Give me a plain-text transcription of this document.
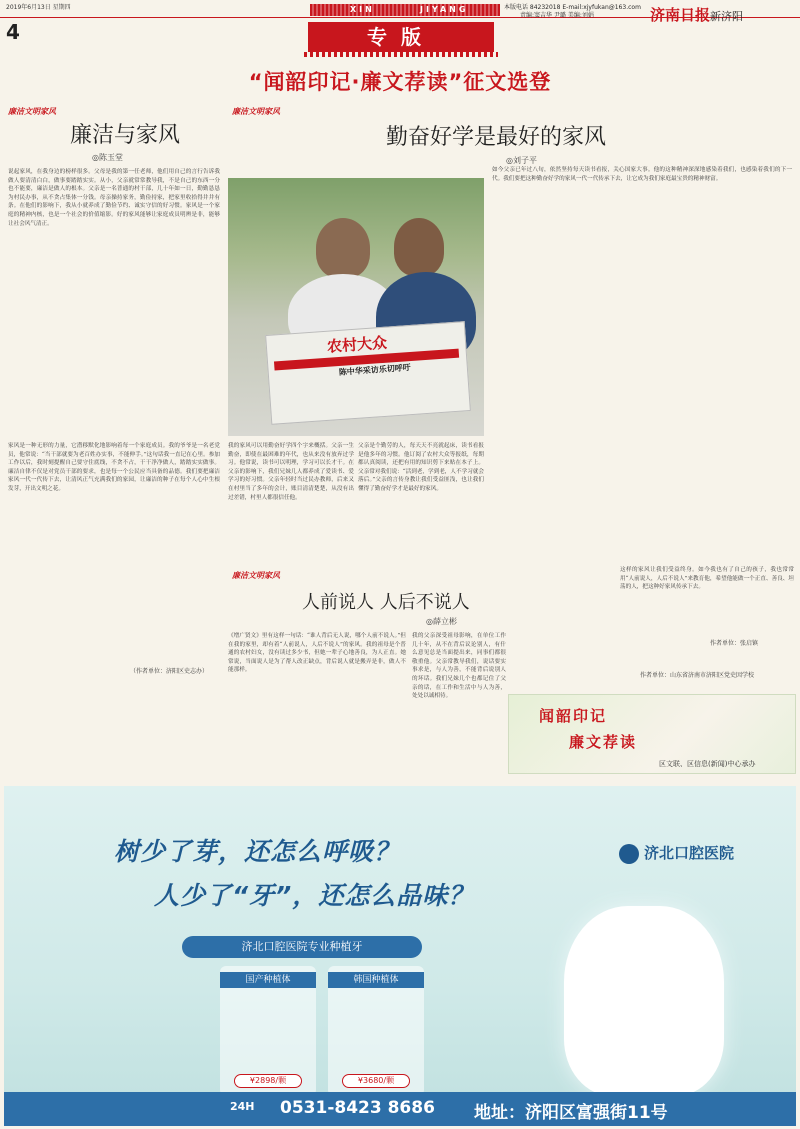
2019年6月13日 星期四	XIN	JIYANG	本版电话 84232018 E-mail:xjyfukan@163.com
责编:窦吉华 尹璐 美编:刘娟	济南日报新济阳
4	专版
“闻韶印记·廉文荐读”征文选登
廉洁文明家风
廉洁与家风
◎陈玉堂
说起家风，在我身边的榜样很多。父母是我的第一任老师，他们用自己的言行告诉我做人要清清白白，做事要踏踏实实。从小，父亲就常常教导我，不是自己的东西一分也不能要，廉洁是做人的根本。父亲是一名普通的村干部，几十年如一日，勤勤恳恳为村民办事，从不贪占集体一分钱。母亲操持家务，勤俭持家，把家里收拾得井井有条。在他们的影响下，我从小就养成了勤俭节约、诚实守信的好习惯。家风是一个家庭的精神内核，也是一个社会的价值缩影。好的家风能够让家庭成员明辨是非，能够让社会风气清正。
家风是一种无形的力量，它潜移默化地影响着每一个家庭成员。我的爷爷是一名老党员，他常说：“当干部就要为老百姓办实事，不能伸手。”这句话我一直记在心里。参加工作以后，我时刻提醒自己要守住底线，不贪不占，干干净净做人，踏踏实实做事。廉洁自律不仅是对党员干部的要求，也是每一个公民应当具备的品德。我们要把廉洁家风一代一代传下去，让清风正气充满我们的家园，让廉洁的种子在每个人心中生根发芽，开出文明之花。
（作者单位：济阳区史志办）
廉洁文明家风
勤奋好学是最好的家风
◎刘子平
农村大众
陈中华采访乐切呼吁
我的家风可以用勤奋好学四个字来概括。父亲一生勤奋，即使在最困难的年代，也从来没有放弃过学习。他常说，读书可以明理，学习可以长才干。在父亲的影响下，我们兄妹几人都养成了爱读书、爱学习的好习惯。父亲年轻时当过民办教师，后来又在村里当了多年的会计，账目清清楚楚，从没有出过差错，村里人都很信任他。
父亲是个勤劳的人，每天天不亮就起床，读书看报是他多年的习惯。他订阅了农村大众等报纸，每期都认真阅读，还把有用的知识剪下来贴在本子上。父亲常对我们说：“活到老，学到老，人不学习就会落后。”父亲的言传身教让我们受益匪浅，也让我们懂得了勤奋好学才是最好的家风。
如今父亲已年过八旬，依然坚持每天读书看报，关心国家大事。他的这种精神深深地感染着我们，也感染着我们的下一代。我们要把这种勤奋好学的家风一代一代传承下去，让它成为我们家庭最宝贵的精神财富。
作者单位：张启镇
廉洁文明家风
人前说人 人后不说人
◎薛立彬
《增广贤文》里有这样一句话：“谁人背后无人说，哪个人前不说人。”但在我的家里，却有着“人前说人，人后不说人”的家风。我的祖母是个普通的农村妇女，没有读过多少书，但她一辈子心地善良，为人正直。她常说，当面说人是为了帮人改正缺点，背后说人就是搬弄是非，做人不能那样。
我的父亲深受祖母影响，在单位工作几十年，从不在背后议论别人，有什么意见总是当面提出来，同事们都很敬重他。父亲常教导我们，说话要实事求是，与人为善，不能背后说别人的坏话。我们兄妹几个也都记住了父亲的话，在工作和生活中与人为善，处处以诚相待。
这样的家风让我们受益终身。如今我也有了自己的孩子，我也常常用“人前说人，人后不说人”来教育他，希望他能做一个正直、善良、坦荡的人，把这种好家风传承下去。
作者单位：山东省济南市济阳区党史因学校
闻韶印记
廉文荐读
区文联、区信息(新闻)中心承办
树少了芽，还怎么呼吸？
人少了“牙”，还怎么品味？
济北口腔医院
济北口腔医院专业种植牙
国产种植体
¥2898/颗
韩国种植体
¥3680/颗
24H 0531-8423 8686 地址：济阳区富强街11号
